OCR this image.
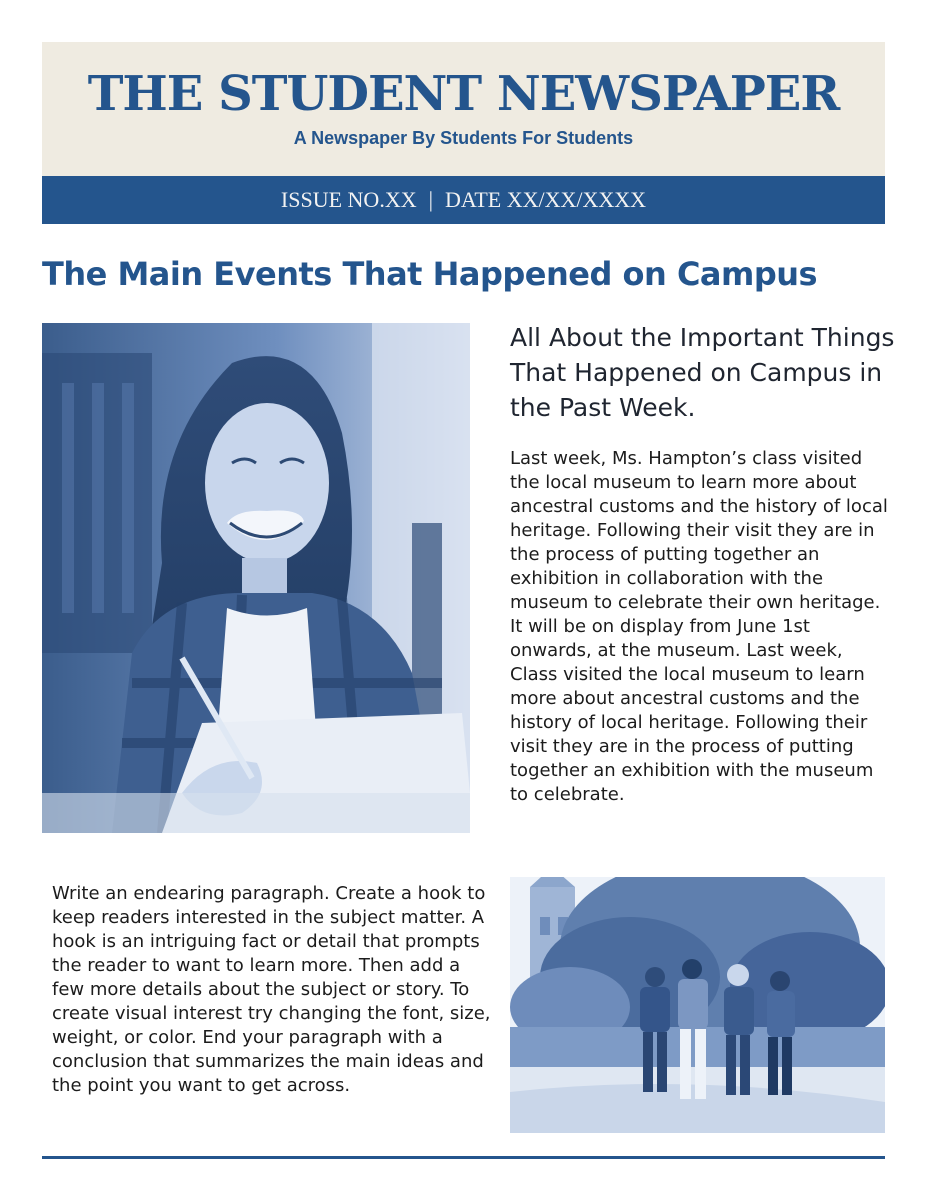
THE STUDENT NEWSPAPER
A Newspaper By Students For Students
ISSUE NO.XX | DATE XX/XX/XXXX
The Main Events That Happened on Campus
All About the Important Things That Happened on Campus in the Past Week.

Last week, Ms. Hampton’s class visited the local museum to learn more about ancestral customs and the history of local heritage. Following their visit they are in the process of putting together an exhibition in collaboration with the museum to celebrate their own heritage. It will be on display from June 1st onwards, at the museum. Last week, Class visited the local museum to learn more about ancestral customs and the history of local heritage. Following their visit they are in the process of putting together an exhibition with the museum to celebrate.

Write an endearing paragraph. Create a hook to keep readers interested in the subject matter. A hook is an intriguing fact or detail that prompts the reader to want to learn more. Then add a few more details about the subject or story. To create visual interest try changing the font, size, weight, or color. End your paragraph with a conclusion that summarizes the main ideas and the point you want to get across.
